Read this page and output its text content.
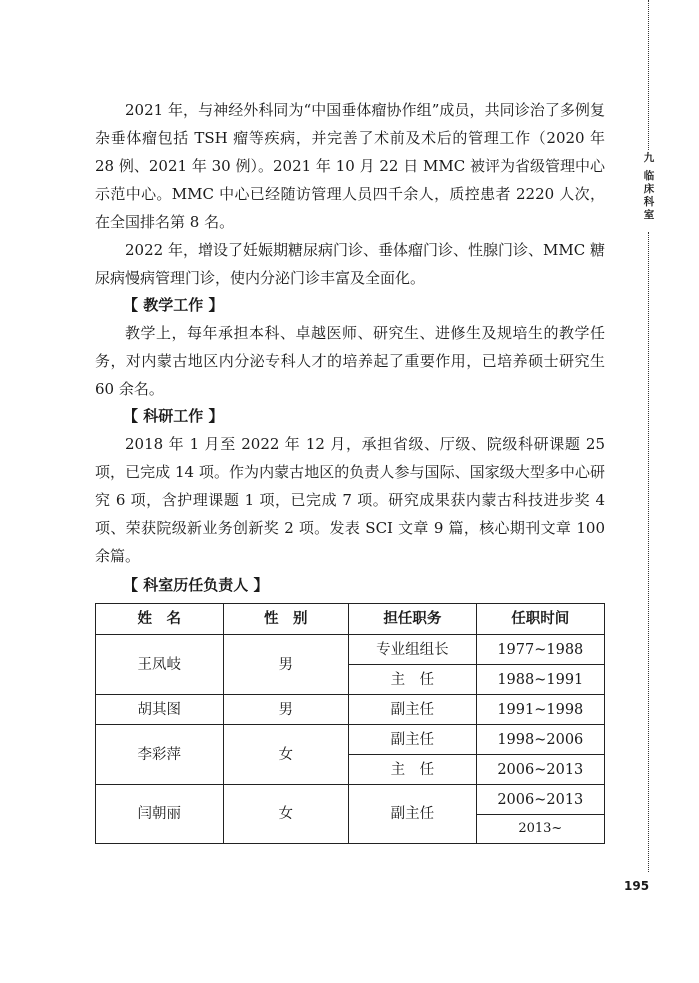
九
临
床
科
室

2021 年，与神经外科同为“中国垂体瘤协作组”成员，共同诊治了多例复杂垂体瘤包括 TSH 瘤等疾病，并完善了术前及术后的管理工作（2020 年 28 例、2021 年 30 例）。2021 年 10 月 22 日 MMC 被评为省级管理中心示范中心。MMC 中心已经随访管理人员四千余人，质控患者 2220 人次，在全国排名第 8 名。

2022 年，增设了妊娠期糖尿病门诊、垂体瘤门诊、性腺门诊、MMC 糖尿病慢病管理门诊，使内分泌门诊丰富及全面化。

【 教学工作 】

教学上，每年承担本科、卓越医师、研究生、进修生及规培生的教学任务，对内蒙古地区内分泌专科人才的培养起了重要作用，已培养硕士研究生 60 余名。

【 科研工作 】

2018 年 1 月至 2022 年 12 月，承担省级、厅级、院级科研课题 25 项，已完成 14 项。作为内蒙古地区的负责人参与国际、国家级大型多中心研究 6 项，含护理课题 1 项，已完成 7 项。研究成果获内蒙古科技进步奖 4 项、荣获院级新业务创新奖 2 项。发表 SCI 文章 9 篇，核心期刊文章 100 余篇。

【 科室历任负责人 】
姓　名	性　别	担任职务	任职时间
王凤岐	男	专业组组长	1977~1988
		主　任	1988~1991
胡其图	男	副主任	1991~1998
李彩萍	女	副主任	1998~2006
		主　任	2006~2013
闫朝丽	女	副主任	2006~2013
			2013~
195
